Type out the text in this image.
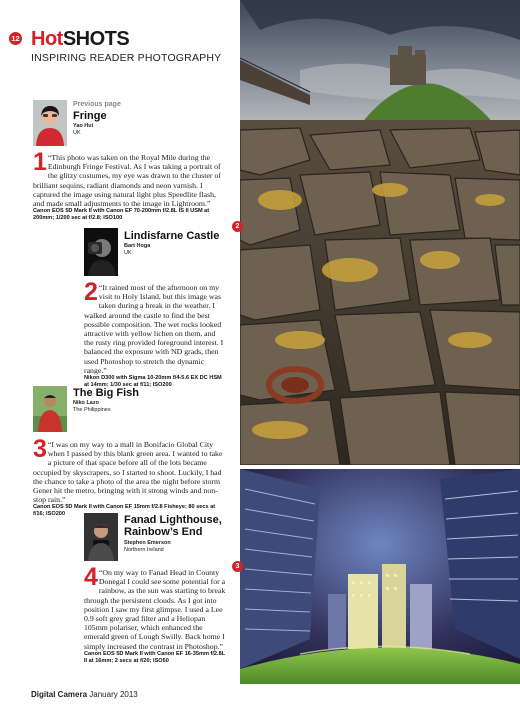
12 HotSHOTS
INSPIRING READER PHOTOGRAPHY
Previous page
Fringe
Yao Hui
UK
1 “This photo was taken on the Royal Mile during the Edinburgh Fringe Festival. As I was taking a portrait of the glitzy costumes, my eye was drawn to the cluster of brilliant sequins, radiant diamonds and neon varnish. I captured the image using natural light plus Speedlite flash, and made small adjustments to the image in Lightroom.”
Canon EOS 5D Mark II with Canon EF 70-200mm f/2.8L IS II USM at 200mm; 1/200 sec at f/2.8; ISO100
Lindisfarne Castle
Bart Hoga
UK
2 “It rained most of the afternoon on my visit to Holy Island, but this image was taken during a break in the weather. I walked around the castle to find the best possible composition. The wet rocks looked attractive with yellow lichen on them, and the rusty ring provided foreground interest. I balanced the exposure with ND grads, then used Photoshop to stretch the dynamic range.”
Nikon D300 with Sigma 10-20mm f/4-5.6 EX DC HSM at 14mm; 1/30 sec at f/11; ISO200
The Big Fish
Niko Lazo
The Philippines
3 “I was on my way to a mall in Bonifacio Global City when I passed by this blank green area. I wanted to take a picture of that space before all of the lots became occupied by skyscrapers, so I started to shoot. Luckily, I had the chance to take a photo of the area the night before storm Gener hit the metro, bringing with it strong winds and non-stop rain.”
Canon EOS 5D Mark II with Canon EF 15mm f/2.8 Fisheye; 80 secs at f/16; ISO200	Fanad Lighthouse,
Rainbow’s End
Stephen Emerson
Northern Ireland
4 “On my way to Fanad Head in County Donegal I could see some potential for a rainbow, as the sun was starting to break through the persistent clouds. As I got into position I saw my first glimpse. I used a Lee 0.9 soft grey grad filter and a Heliopan 105mm polariser, which enhanced the emerald green of Lough Swilly. Back home I simply increased the contrast in Photoshop.”
Canon EOS 5D Mark II with Canon EF 16-35mm f/2.8L II at 16mm; 2 secs at f/20; ISO50
2
3
Digital Camera January 2013
